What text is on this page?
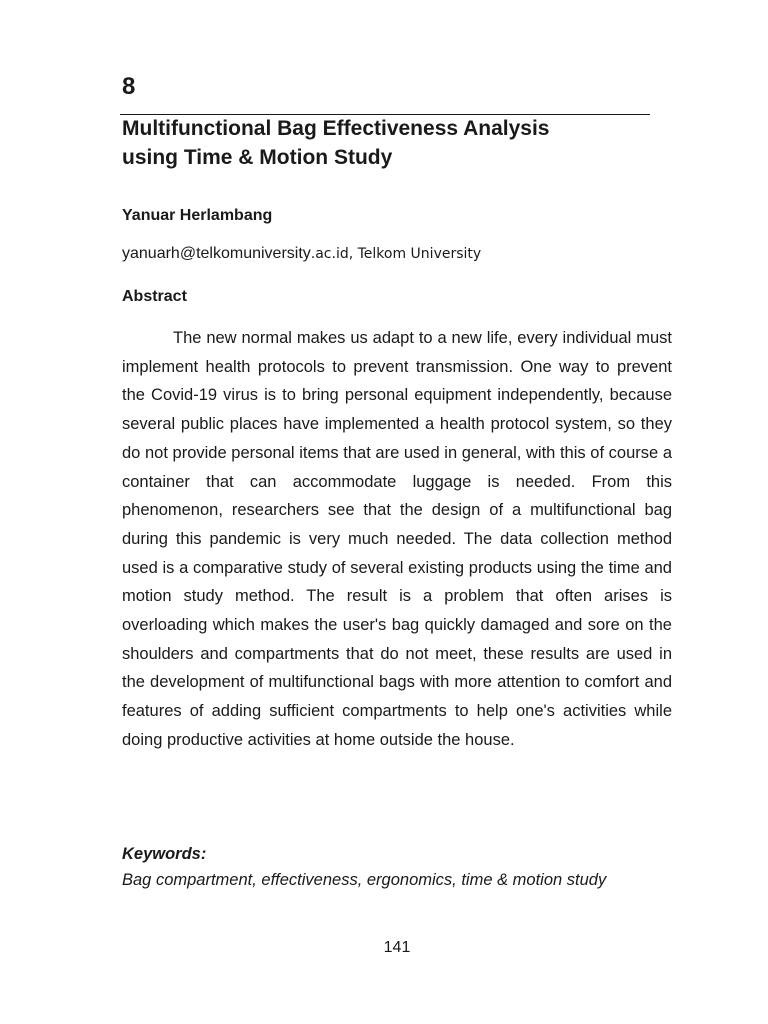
8
Multifunctional Bag Effectiveness Analysis
using Time & Motion Study
Yanuar Herlambang
yanuarh@telkomuniversity.ac.id, Telkom University
Abstract

The new normal makes us adapt to a new life, every individual must implement health protocols to prevent transmission. One way to prevent the Covid-19 virus is to bring personal equipment independently, because several public places have implemented a health protocol system, so they do not provide personal items that are used in general, with this of course a container that can accommodate luggage is needed. From this phenomenon, researchers see that the design of a multifunctional bag during this pandemic is very much needed. The data collection method used is a comparative study of several existing products using the time and motion study method. The result is a problem that often arises is overloading which makes the user's bag quickly damaged and sore on the shoulders and compartments that do not meet, these results are used in the development of multifunctional bags with more attention to comfort and features of adding sufficient compartments to help one's activities while doing productive activities at home outside the house.

Keywords:
Bag compartment, effectiveness, ergonomics, time & motion study
141
